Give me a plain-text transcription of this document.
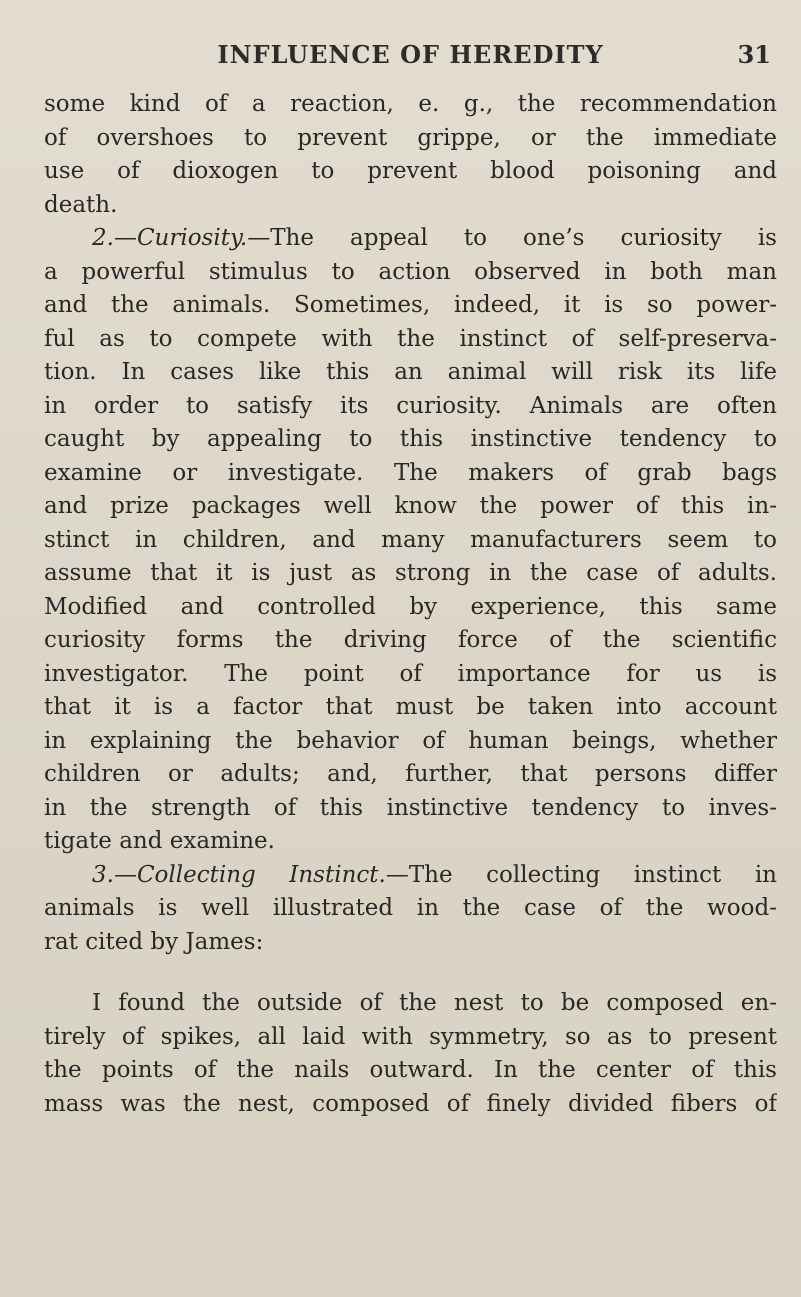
INFLUENCE OF HEREDITY	31
some kind of a reaction, e. g., the recommendation
of overshoes to prevent grippe, or the immediate
use of dioxogen to prevent blood poisoning and
death.
2.—Curiosity.—The appeal to one’s curiosity is
a powerful stimulus to action observed in both man
and the animals. Sometimes, indeed, it is so power-
ful as to compete with the instinct of self-preserva-
tion. In cases like this an animal will risk its life
in order to satisfy its curiosity. Animals are often
caught by appealing to this instinctive tendency to
examine or investigate. The makers of grab bags
and prize packages well know the power of this in-
stinct in children, and many manufacturers seem to
assume that it is just as strong in the case of adults.
Modified and controlled by experience, this same
curiosity forms the driving force of the scientific
investigator. The point of importance for us is
that it is a factor that must be taken into account
in explaining the behavior of human beings, whether
children or adults; and, further, that persons differ
in the strength of this instinctive tendency to inves-
tigate and examine.
3.—Collecting Instinct.—The collecting instinct in
animals is well illustrated in the case of the wood-
rat cited by James:
I found the outside of the nest to be composed en-
tirely of spikes, all laid with symmetry, so as to present
the points of the nails outward. In the center of this
mass was the nest, composed of finely divided fibers of
